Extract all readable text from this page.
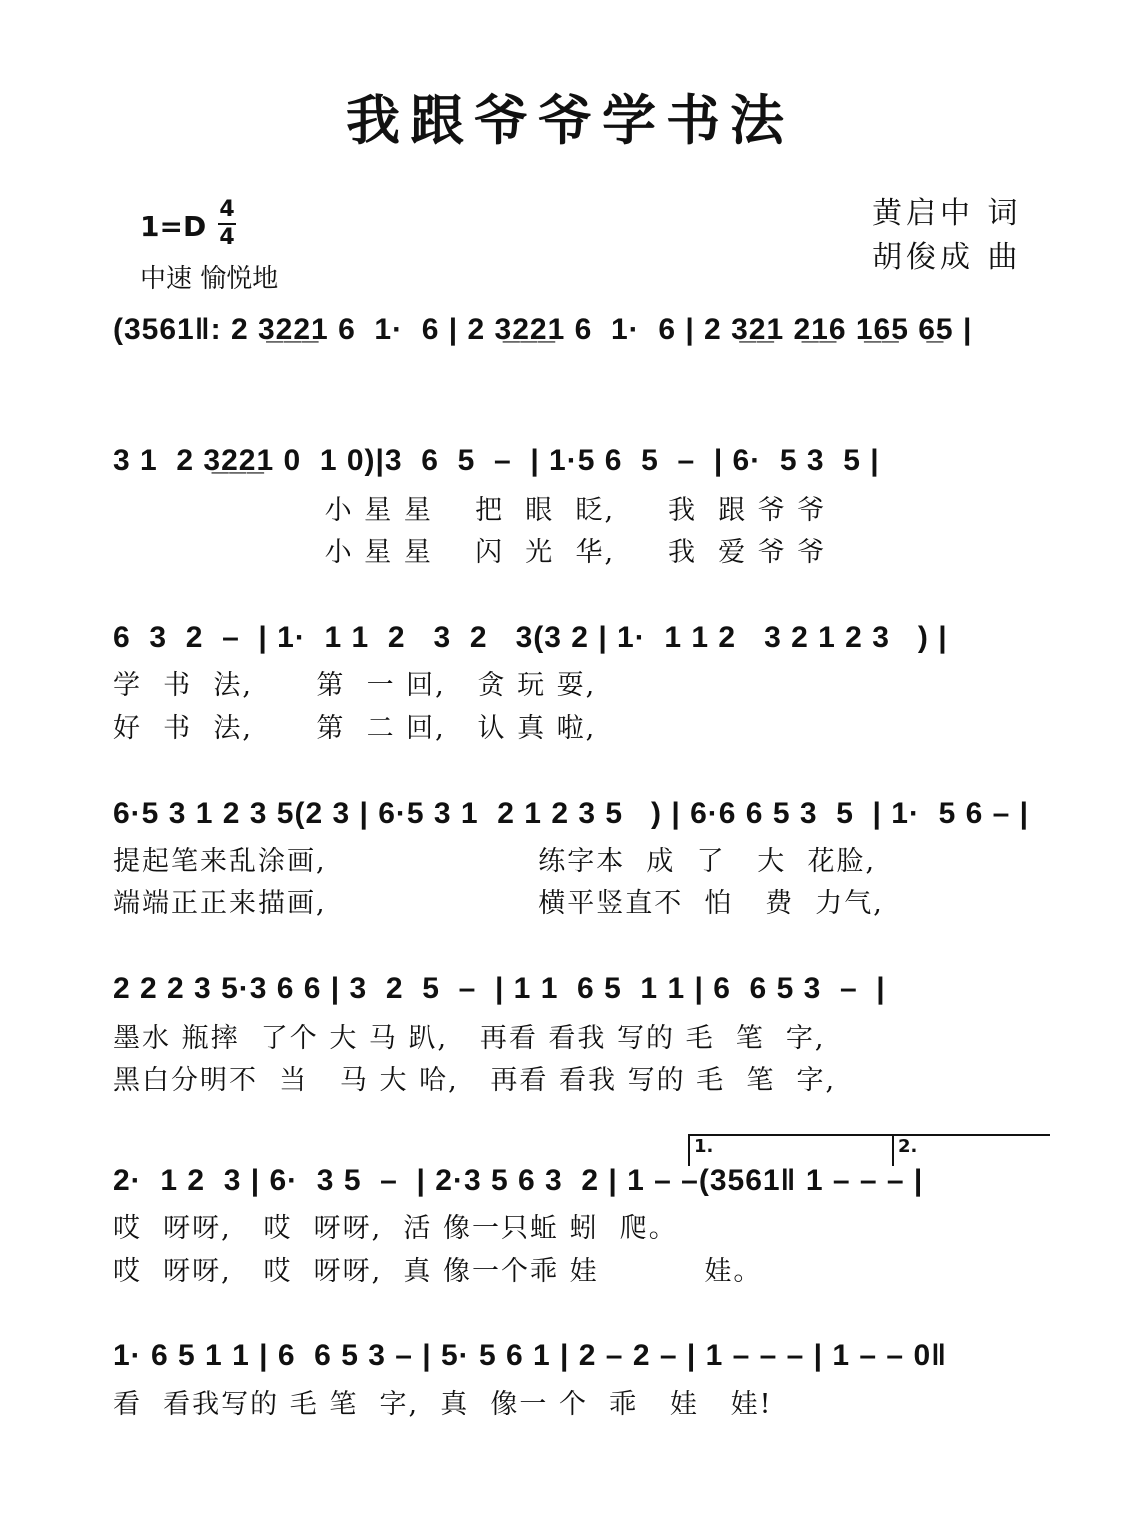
我跟爷爷学书法
黄启中 词
胡俊成 曲
1=D
4
4
中速 愉悦地
(3561‖: 2 3̲2̲2̲1 6  1·  6 | 2 3̲2̲2̲1 6  1·  6 | 2 3̲2̲1 2̲1̲6 1̲6̲5 6̲5 |
3 1  2 3̲2̲2̲1 0  1 0)|3  6  5  –  | 1·5 6  5  –  | 6·  5 3  5 |
小 星 星    把  眼  眨,     我  跟 爷 爷
小 星 星    闪  光  华,     我  爱 爷 爷
6  3  2  –  | 1·  1 1  2   3  2   3(3 2 | 1·  1 1 2   3 2 1 2 3   ) |
学  书  法,      第  一 回,   贪 玩 耍,
好  书  法,      第  二 回,   认 真 啦,
6·5 3 1 2 3 5(2 3 | 6·5 3 1  2 1 2 3 5   ) | 6·6 6 5 3  5  | 1·  5 6 – |
提起笔来乱涂画,                    练字本  成  了   大  花脸,
端端正正来描画,                    横平竖直不  怕   费  力气,
2 2 2 3 5·3 6 6 | 3  2  5  –  | 1 1  6 5  1 1 | 6  6 5 3  –  |
墨水 瓶摔  了个 大 马 趴,   再看 看我 写的 毛  笔  字,
黑白分明不  当   马 大 哈,   再看 看我 写的 毛  笔  字,
1.	2.
2·  1 2  3 | 6·  3 5  –  | 2·3 5 6 3  2 | 1 – –(3561‖ 1 – – – |
哎  呀呀,   哎  呀呀,  活 像一只蚯 蚓  爬。
哎  呀呀,   哎  呀呀,  真 像一个乖 娃          娃。
1· 6 5 1 1 | 6  6 5 3 – | 5· 5 6 1 | 2 – 2 – | 1 – – – | 1 – – 0‖
看  看我写的 毛 笔  字,  真  像一 个  乖   娃   娃!
